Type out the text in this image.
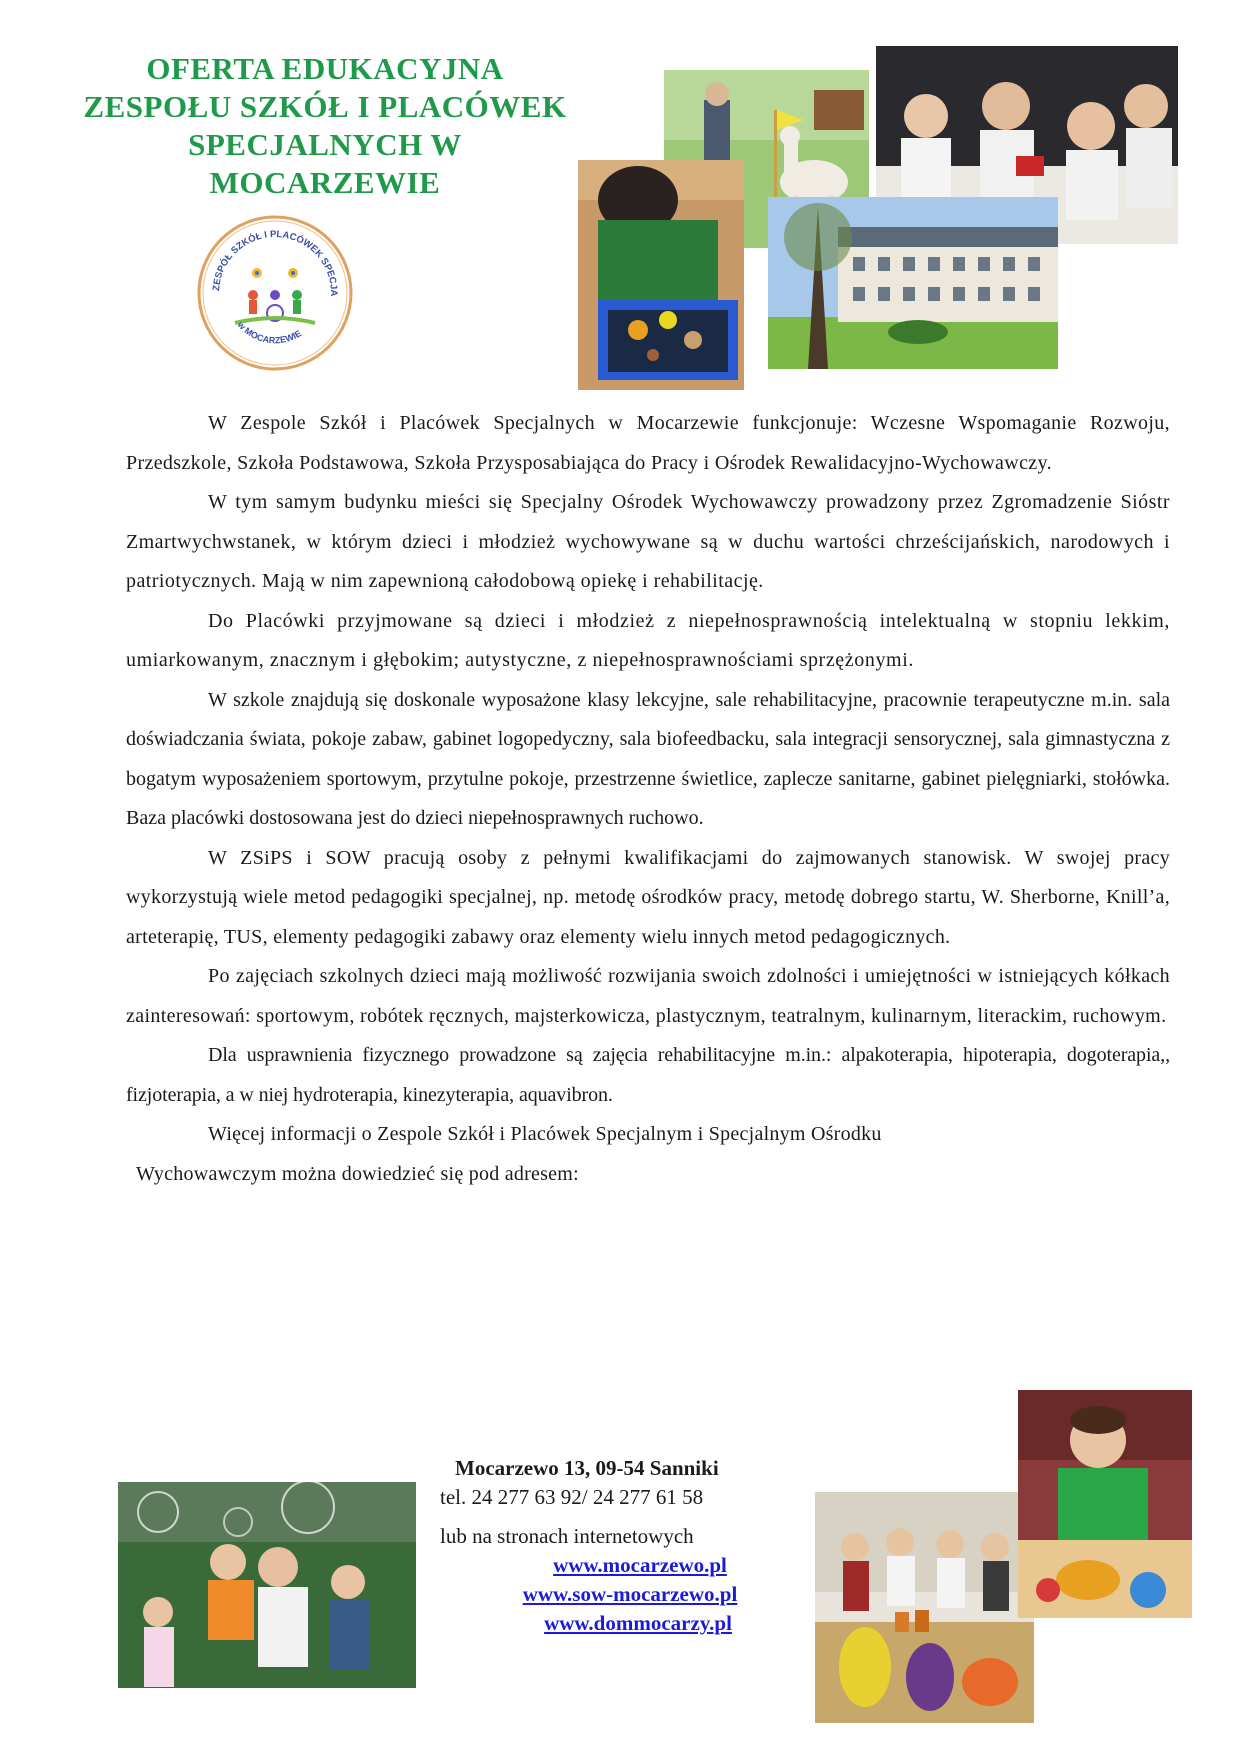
OFERTA EDUKACYJNA
ZESPOŁU SZKÓŁ I PLACÓWEK
SPECJALNYCH W
MOCARZEWIE
ZESPÓŁ SZKÓŁ I PLACÓWEK SPECJA
w MOCARZEWIE

W Zespole Szkół i Placówek Specjalnych w Mocarzewie funkcjonuje: Wczesne Wspomaganie Rozwoju, Przedszkole, Szkoła Podstawowa, Szkoła Przysposabiająca do Pracy i Ośrodek Rewalidacyjno-Wychowawczy.

W tym samym budynku mieści się Specjalny Ośrodek Wychowawczy prowadzony przez Zgromadzenie Sióstr Zmartwychwstanek, w którym dzieci i młodzież wychowywane są w duchu wartości chrześcijańskich, narodowych i patriotycznych. Mają w nim zapewnioną całodobową opiekę i rehabilitację.

Do Placówki przyjmowane są dzieci i młodzież z niepełnosprawnością intelektualną w stopniu lekkim, umiarkowanym, znacznym i głębokim; autystyczne, z niepełnosprawnościami sprzężonymi.

W szkole znajdują się doskonale wyposażone klasy lekcyjne, sale rehabilitacyjne, pracownie terapeutyczne m.in. sala doświadczania świata, pokoje zabaw, gabinet logopedyczny, sala biofeedbacku, sala integracji sensorycznej, sala gimnastyczna z bogatym wyposażeniem sportowym, przytulne pokoje, przestrzenne świetlice, zaplecze sanitarne, gabinet pielęgniarki, stołówka. Baza placówki dostosowana jest do dzieci niepełnosprawnych ruchowo.

W ZSiPS i SOW pracują osoby z pełnymi kwalifikacjami do zajmowanych stanowisk. W swojej pracy wykorzystują wiele metod pedagogiki specjalnej, np. metodę ośrodków pracy, metodę dobrego startu, W. Sherborne, Knill’a, arteterapię, TUS, elementy pedagogiki zabawy oraz elementy wielu innych metod pedagogicznych.

Po zajęciach szkolnych dzieci mają możliwość rozwijania swoich zdolności i umiejętności w istniejących kółkach zainteresowań: sportowym, robótek ręcznych, majsterkowicza, plastycznym, teatralnym, kulinarnym, literackim, ruchowym.

Dla usprawnienia fizycznego prowadzone są zajęcia rehabilitacyjne m.in.: alpakoterapia, hipoterapia, dogoterapia,, fizjoterapia, a w niej hydroterapia, kinezyterapia, aquavibron.

Więcej informacji o Zespole Szkół i Placówek Specjalnym i Specjalnym Ośrodku
Wychowawczym można dowiedzieć się pod adresem:

Mocarzewo 13, 09-54 Sanniki
tel. 24 277 63 92/ 24 277 61 58
lub na stronach internetowych
www.mocarzewo.pl
www.sow-mocarzewo.pl
www.dommocarzy.pl
